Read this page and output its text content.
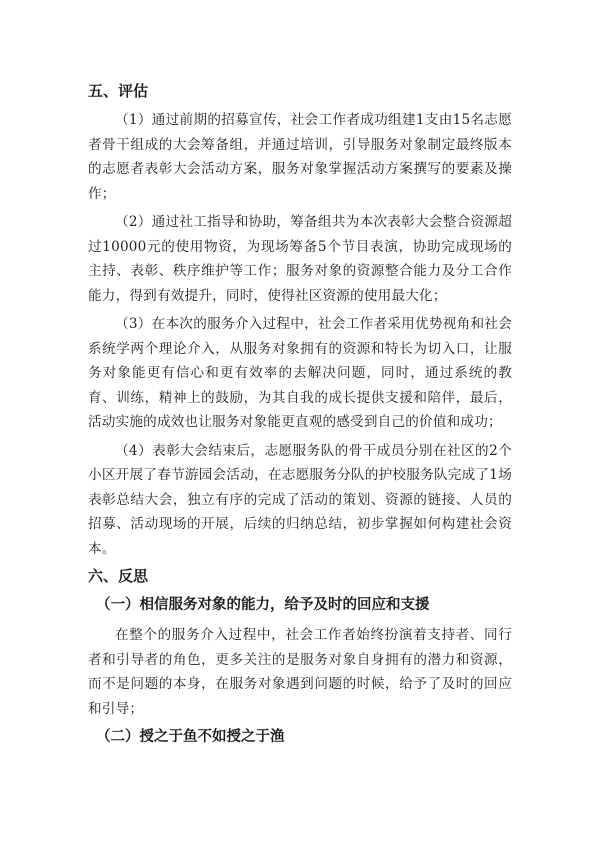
五、评估

（1）通过前期的招募宣传，社会工作者成功组建1支由15名志愿者骨干组成的大会筹备组，并通过培训，引导服务对象制定最终版本的志愿者表彰大会活动方案，服务对象掌握活动方案撰写的要素及操作；

（2）通过社工指导和协助，筹备组共为本次表彰大会整合资源超过10000元的使用物资，为现场筹备5个节目表演，协助完成现场的主持、表彰、秩序维护等工作；服务对象的资源整合能力及分工合作能力，得到有效提升，同时，使得社区资源的使用最大化；

（3）在本次的服务介入过程中，社会工作者采用优势视角和社会系统学两个理论介入，从服务对象拥有的资源和特长为切入口，让服务对象能更有信心和更有效率的去解决问题，同时，通过系统的教育、训练，精神上的鼓励，为其自我的成长提供支援和陪伴，最后，活动实施的成效也让服务对象能更直观的感受到自己的价值和成功；

（4）表彰大会结束后，志愿服务队的骨干成员分别在社区的2个小区开展了春节游园会活动，在志愿服务分队的护校服务队完成了1场表彰总结大会，独立有序的完成了活动的策划、资源的链接、人员的招募、活动现场的开展，后续的归纳总结，初步掌握如何构建社会资本。

六、反思
（一）相信服务对象的能力，给予及时的回应和支援

在整个的服务介入过程中，社会工作者始终扮演着支持者、同行者和引导者的角色，更多关注的是服务对象自身拥有的潜力和资源，而不是问题的本身，在服务对象遇到问题的时候，给予了及时的回应和引导；

（二）授之于鱼不如授之于渔
